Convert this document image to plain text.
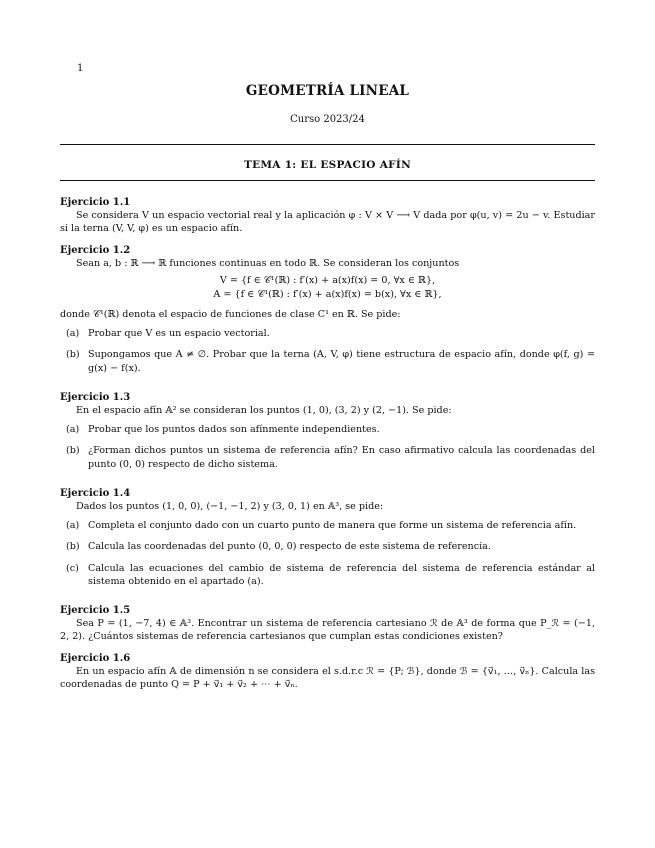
1
GEOMETRÍA LINEAL
Curso 2023/24
TEMA 1: EL ESPACIO AFÍN

Ejercicio 1.1

Se considera V un espacio vectorial real y la aplicación φ : V × V ⟶ V dada por φ(u, v) = 2u − v. Estudiar si la terna (V, V, φ) es un espacio afín.

Ejercicio 1.2

Sean a, b : ℝ ⟶ ℝ funciones continuas en todo ℝ. Se consideran los conjuntos

V = {f ∈ 𝒞¹(ℝ) : f′(x) + a(x)f(x) = 0, ∀x ∈ ℝ},
A = {f ∈ 𝒞¹(ℝ) : f′(x) + a(x)f(x) = b(x), ∀x ∈ ℝ},

donde 𝒞¹(ℝ) denota el espacio de funciones de clase C¹ en ℝ. Se pide:

(a) Probar que V es un espacio vectorial.
(b) Supongamos que A ≠ ∅. Probar que la terna (A, V, φ) tiene estructura de espacio afín, donde φ(f, g) = g(x) − f(x).

Ejercicio 1.3

En el espacio afín 𝔸² se consideran los puntos (1, 0), (3, 2) y (2, −1). Se pide:

(a) Probar que los puntos dados son afínmente independientes.
(b) ¿Forman dichos puntos un sistema de referencia afín? En caso afirmativo calcula las coordenadas del punto (0, 0) respecto de dicho sistema.

Ejercicio 1.4

Dados los puntos (1, 0, 0), (−1, −1, 2) y (3, 0, 1) en 𝔸³, se pide:

(a) Completa el conjunto dado con un cuarto punto de manera que forme un sistema de referencia afín.
(b) Calcula las coordenadas del punto (0, 0, 0) respecto de este sistema de referencia.
(c) Calcula las ecuaciones del cambio de sistema de referencia del sistema de referencia estándar al sistema obtenido en el apartado (a).

Ejercicio 1.5

Sea P = (1, −7, 4) ∈ 𝔸³. Encontrar un sistema de referencia cartesiano ℛ de 𝔸³ de forma que P_ℛ = (−1, 2, 2). ¿Cuántos sistemas de referencia cartesianos que cumplan estas condiciones existen?

Ejercicio 1.6

En un espacio afín 𝔸 de dimensión n se considera el s.d.r.c ℛ = {P; ℬ}, donde ℬ = {v⃗₁, …, v⃗ₙ}. Calcula las coordenadas de punto Q = P + v⃗₁ + v⃗₂ + ⋯ + v⃗ₙ.
